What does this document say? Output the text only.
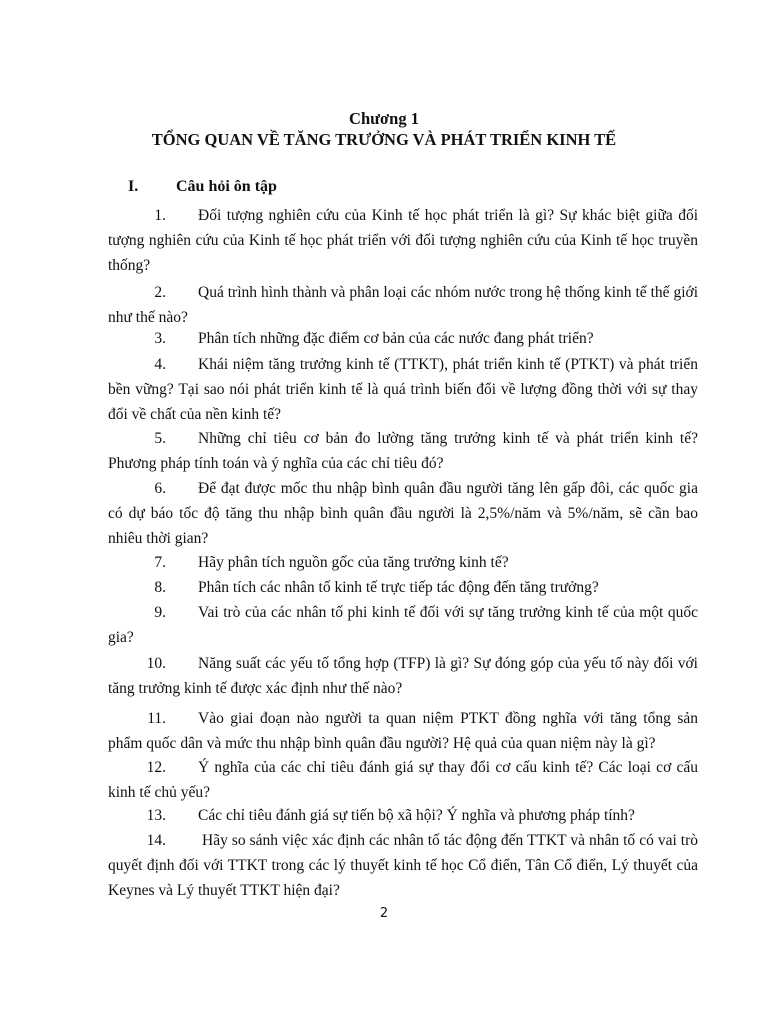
Chương 1
TỔNG QUAN VỀ TĂNG TRƯỞNG VÀ PHÁT TRIỂN KINH TẾ
I. Câu hỏi ôn tập
1. Đối tượng nghiên cứu của Kinh tế học phát triển là gì? Sự khác biệt giữa đối tượng nghiên cứu của Kinh tế học phát triển với đối tượng nghiên cứu của Kinh tế học truyền thống?
2. Quá trình hình thành và phân loại các nhóm nước trong hệ thống kinh tế thế giới như thế nào?
3. Phân tích những đặc điểm cơ bản của các nước đang phát triển?
4. Khái niệm tăng trưởng kinh tế (TTKT), phát triển kinh tế (PTKT) và phát triển bền vững? Tại sao nói phát triển kinh tế là quá trình biến đổi về lượng đồng thời với sự thay đổi về chất của nền kinh tế?
5. Những chỉ tiêu cơ bản đo lường tăng trưởng kinh tế và phát triển kinh tế? Phương pháp tính toán và ý nghĩa của các chỉ tiêu đó?
6. Để đạt được mốc thu nhập bình quân đầu người tăng lên gấp đôi, các quốc gia có dự báo tốc độ tăng thu nhập bình quân đầu người là 2,5%/năm và 5%/năm, sẽ cần bao nhiêu thời gian?
7. Hãy phân tích nguồn gốc của tăng trưởng kinh tế?
8. Phân tích các nhân tố kinh tế trực tiếp tác động đến tăng trưởng?
9. Vai trò của các nhân tố phi kinh tế đối với sự tăng trưởng kinh tế của một quốc gia?
10. Năng suất các yếu tố tổng hợp (TFP) là gì? Sự đóng góp của yếu tố này đối với tăng trưởng kinh tế được xác định như thế nào?
11. Vào giai đoạn nào người ta quan niệm PTKT đồng nghĩa với tăng tổng sản phẩm quốc dân và mức thu nhập bình quân đầu người? Hệ quả của quan niệm này là gì?
12. Ý nghĩa của các chỉ tiêu đánh giá sự thay đổi cơ cấu kinh tế? Các loại cơ cấu kinh tế chủ yếu?
13. Các chỉ tiêu đánh giá sự tiến bộ xã hội? Ý nghĩa và phương pháp tính?
14. Hãy so sánh việc xác định các nhân tố tác động đến TTKT và nhân tố có vai trò quyết định đối với TTKT trong các lý thuyết kinh tế học Cổ điển, Tân Cổ điển, Lý thuyết của Keynes và Lý thuyết TTKT hiện đại?
2
